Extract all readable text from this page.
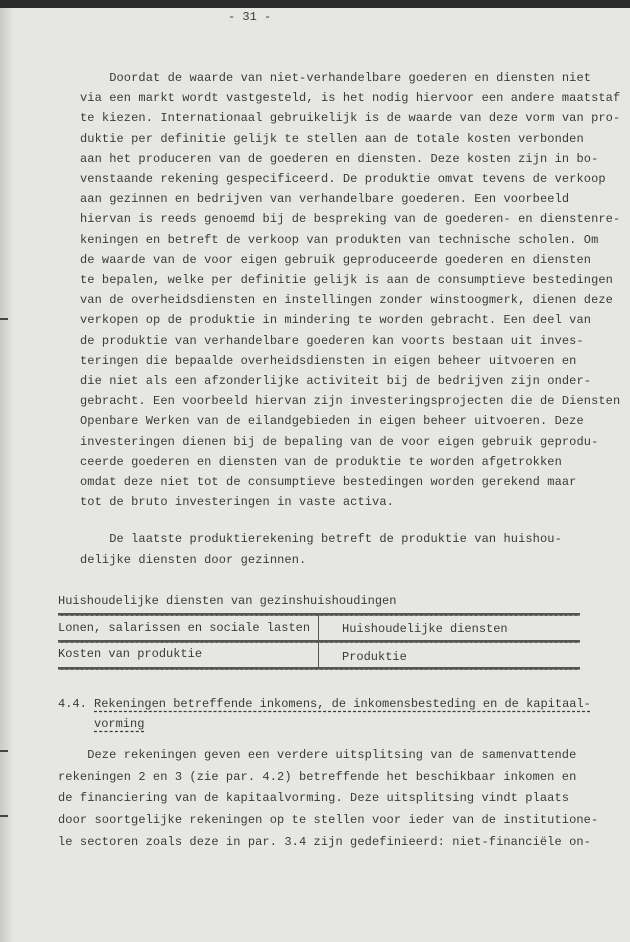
- 31 -
Doordat de waarde van niet-verhandelbare goederen en diensten niet
via een markt wordt vastgesteld, is het nodig hiervoor een andere maatstaf
te kiezen. Internationaal gebruikelijk is de waarde van deze vorm van pro-
duktie per definitie gelijk te stellen aan de totale kosten verbonden
aan het produceren van de goederen en diensten. Deze kosten zijn in bo-
venstaande rekening gespecificeerd. De produktie omvat tevens de verkoop
aan gezinnen en bedrijven van verhandelbare goederen. Een voorbeeld
hiervan is reeds genoemd bij de bespreking van de goederen- en dienstenre-
keningen en betreft de verkoop van produkten van technische scholen. Om
de waarde van de voor eigen gebruik geproduceerde goederen en diensten
te bepalen, welke per definitie gelijk is aan de consumptieve bestedingen
van de overheidsdiensten en instellingen zonder winstoogmerk, dienen deze
verkopen op de produktie in mindering te worden gebracht. Een deel van
de produktie van verhandelbare goederen kan voorts bestaan uit inves-
teringen die bepaalde overheidsdiensten in eigen beheer uitvoeren en
die niet als een afzonderlijke activiteit bij de bedrijven zijn onder-
gebracht. Een voorbeeld hiervan zijn investeringsprojecten die de Diensten
Openbare Werken van de eilandgebieden in eigen beheer uitvoeren. Deze
investeringen dienen bij de bepaling van de voor eigen gebruik geprodu-
ceerde goederen en diensten van de produktie te worden afgetrokken
omdat deze niet tot de consumptieve bestedingen worden gerekend maar
tot de bruto investeringen in vaste activa.
De laatste produktierekening betreft de produktie van huishou-
delijke diensten door gezinnen.
Huishoudelijke diensten van gezinshuishoudingen
Lonen, salarissen en sociale lasten	Huishoudelijke diensten
Kosten van produktie	Produktie
4.4. Rekeningen betreffende inkomens, de inkomensbesteding en de kapitaal-
vorming
Deze rekeningen geven een verdere uitsplitsing van de samenvattende
rekeningen 2 en 3 (zie par. 4.2) betreffende het beschikbaar inkomen en
de financiering van de kapitaalvorming. Deze uitsplitsing vindt plaats
door soortgelijke rekeningen op te stellen voor ieder van de institutione-
le sectoren zoals deze in par. 3.4 zijn gedefinieerd: niet-financiële on-
